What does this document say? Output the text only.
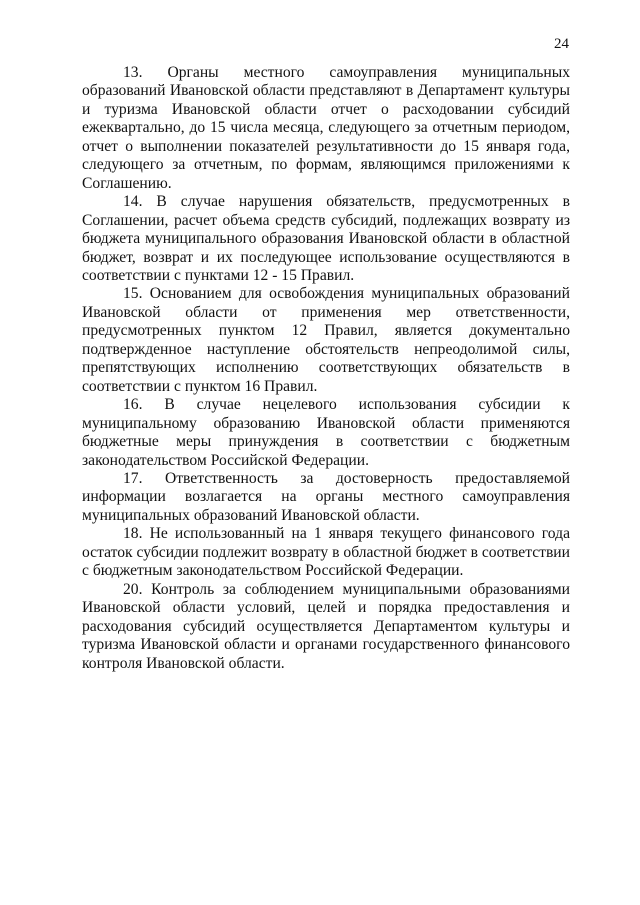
24

13. Органы местного самоуправления муниципальных образований Ивановской области представляют в Департамент культуры и туризма Ивановской области отчет о расходовании субсидий ежеквартально, до 15 числа месяца, следующего за отчетным периодом, отчет о выполнении показателей результативности до 15 января года, следующего за отчетным, по формам, являющимся приложениями к Соглашению.

14. В случае нарушения обязательств, предусмотренных в Соглашении, расчет объема средств субсидий, подлежащих возврату из бюджета муниципального образования Ивановской области в областной бюджет, возврат и их последующее использование осуществляются в соответствии с пунктами 12 - 15 Правил.

15. Основанием для освобождения муниципальных образований Ивановской области от применения мер ответственности, предусмотренных пунктом 12 Правил, является документально подтвержденное наступление обстоятельств непреодолимой силы, препятствующих исполнению соответствующих обязательств в соответствии с пунктом 16 Правил.

16. В случае нецелевого использования субсидии к муниципальному образованию Ивановской области применяются бюджетные меры принуждения в соответствии с бюджетным законодательством Российской Федерации.

17. Ответственность за достоверность предоставляемой информации возлагается на органы местного самоуправления муниципальных образований Ивановской области.

18. Не использованный на 1 января текущего финансового года остаток субсидии подлежит возврату в областной бюджет в соответствии с бюджетным законодательством Российской Федерации.

20. Контроль за соблюдением муниципальными образованиями Ивановской области условий, целей и порядка предоставления и расходования субсидий осуществляется Департаментом культуры и туризма Ивановской области и органами государственного финансового контроля Ивановской области.
